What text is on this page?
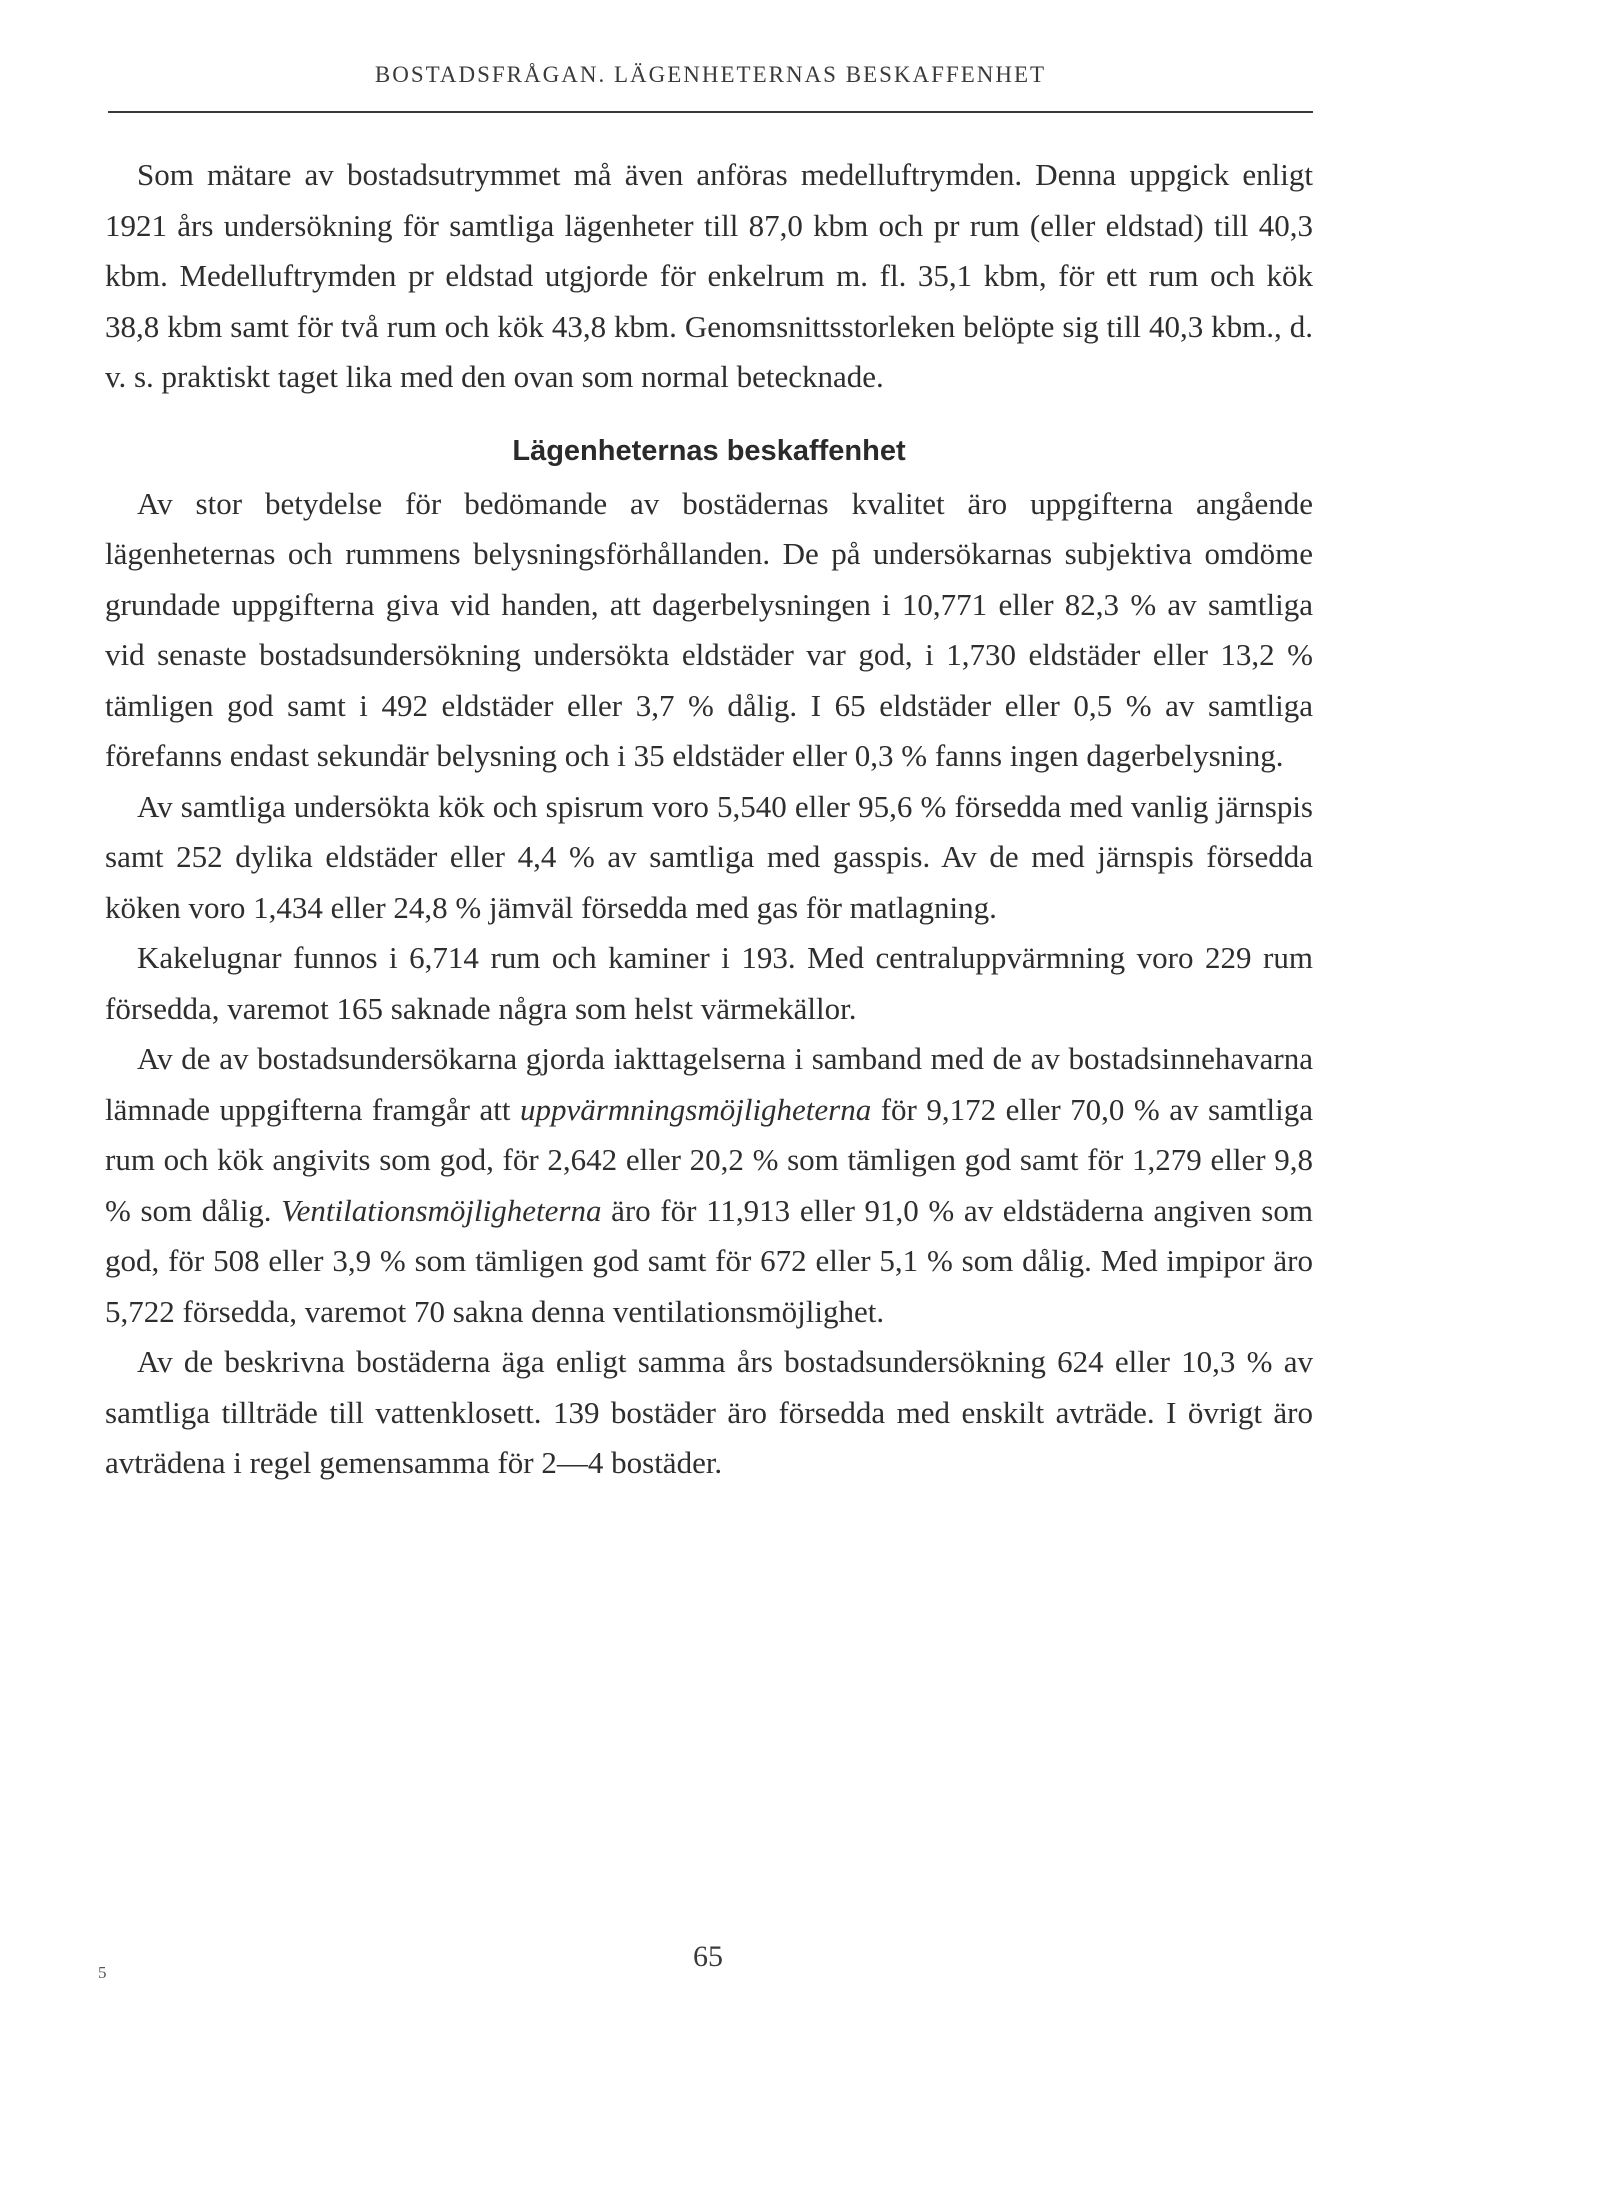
BOSTADSFRÅGAN. LÄGENHETERNAS BESKAFFENHET

Som mätare av bostadsutrymmet må även anföras medelluftrymden. Denna uppgick enligt 1921 års undersökning för samtliga lägenheter till 87,0 kbm och pr rum (eller eldstad) till 40,3 kbm. Medelluftrymden pr eldstad utgjorde för enkelrum m. fl. 35,1 kbm, för ett rum och kök 38,8 kbm samt för två rum och kök 43,8 kbm. Genomsnittsstorleken belöpte sig till 40,3 kbm., d. v. s. praktiskt taget lika med den ovan som normal betecknade.

Lägenheternas beskaffenhet

Av stor betydelse för bedömande av bostädernas kvalitet äro uppgifterna angående lägenheternas och rummens belysningsförhållanden. De på undersökarnas subjektiva omdöme grundade uppgifterna giva vid handen, att dagerbelysningen i 10,771 eller 82,3 % av samtliga vid senaste bostadsundersökning undersökta eldstäder var god, i 1,730 eldstäder eller 13,2 % tämligen god samt i 492 eldstäder eller 3,7 % dålig. I 65 eldstäder eller 0,5 % av samtliga förefanns endast sekundär belysning och i 35 eldstäder eller 0,3 % fanns ingen dagerbelysning.

Av samtliga undersökta kök och spisrum voro 5,540 eller 95,6 % försedda med vanlig järnspis samt 252 dylika eldstäder eller 4,4 % av samtliga med gasspis. Av de med järnspis försedda köken voro 1,434 eller 24,8 % jämväl försedda med gas för matlagning.

Kakelugnar funnos i 6,714 rum och kaminer i 193. Med centraluppvärmning voro 229 rum försedda, varemot 165 saknade några som helst värmekällor.

Av de av bostadsundersökarna gjorda iakttagelserna i samband med de av bostadsinnehavarna lämnade uppgifterna framgår att uppvärmningsmöjligheterna för 9,172 eller 70,0 % av samtliga rum och kök angivits som god, för 2,642 eller 20,2 % som tämligen god samt för 1,279 eller 9,8 % som dålig. Ventilationsmöjligheterna äro för 11,913 eller 91,0 % av eldstäderna angiven som god, för 508 eller 3,9 % som tämligen god samt för 672 eller 5,1 % som dålig. Med impipor äro 5,722 försedda, varemot 70 sakna denna ventilationsmöjlighet.

Av de beskrivna bostäderna äga enligt samma års bostadsundersökning 624 eller 10,3 % av samtliga tillträde till vattenklosett. 139 bostäder äro försedda med enskilt avträde. I övrigt äro avträdena i regel gemensamma för 2—4 bostäder.

65
5
